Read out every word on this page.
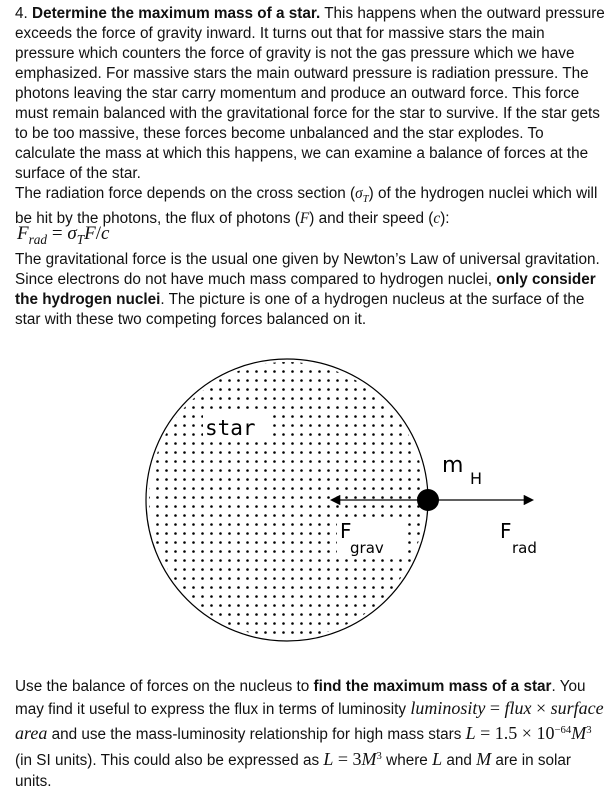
4. Determine the maximum mass of a star. This happens when the outward pressure exceeds the force of gravity inward. It turns out that for massive stars the main pressure which counters the force of gravity is not the gas pressure which we have emphasized. For massive stars the main outward pressure is radiation pressure. The photons leaving the star carry momentum and produce an outward force. This force must remain balanced with the gravitational force for the star to survive. If the star gets to be too massive, these forces become unbalanced and the star explodes. To calculate the mass at which this happens, we can examine a balance of forces at the surface of the star.

The radiation force depends on the cross section $(\sigma_T)$ of the hydrogen nuclei which will be hit by the photons, the flux of photons (F) and their speed (c):

$F_{rad} = \sigma_TF/c$

The gravitational force is the usual one given by Newton’s Law of universal gravitation. Since electrons do not have much mass compared to hydrogen nuclei, only consider the hydrogen nuclei. The picture is one of a hydrogen nucleus at the surface of the star with these two competing forces balanced on it.

star
m
H
F
grav
F
rad

Use the balance of forces on the nucleus to find the maximum mass of a star. You may find it useful to express the flux in terms of luminosity luminosity = flux × surface area and use the mass-luminosity relationship for high mass stars $L = 1.5 \times 10^{-64}M^3$ (in SI units). This could also be expressed as $L = 3M^3$ where L and M are in solar units.
